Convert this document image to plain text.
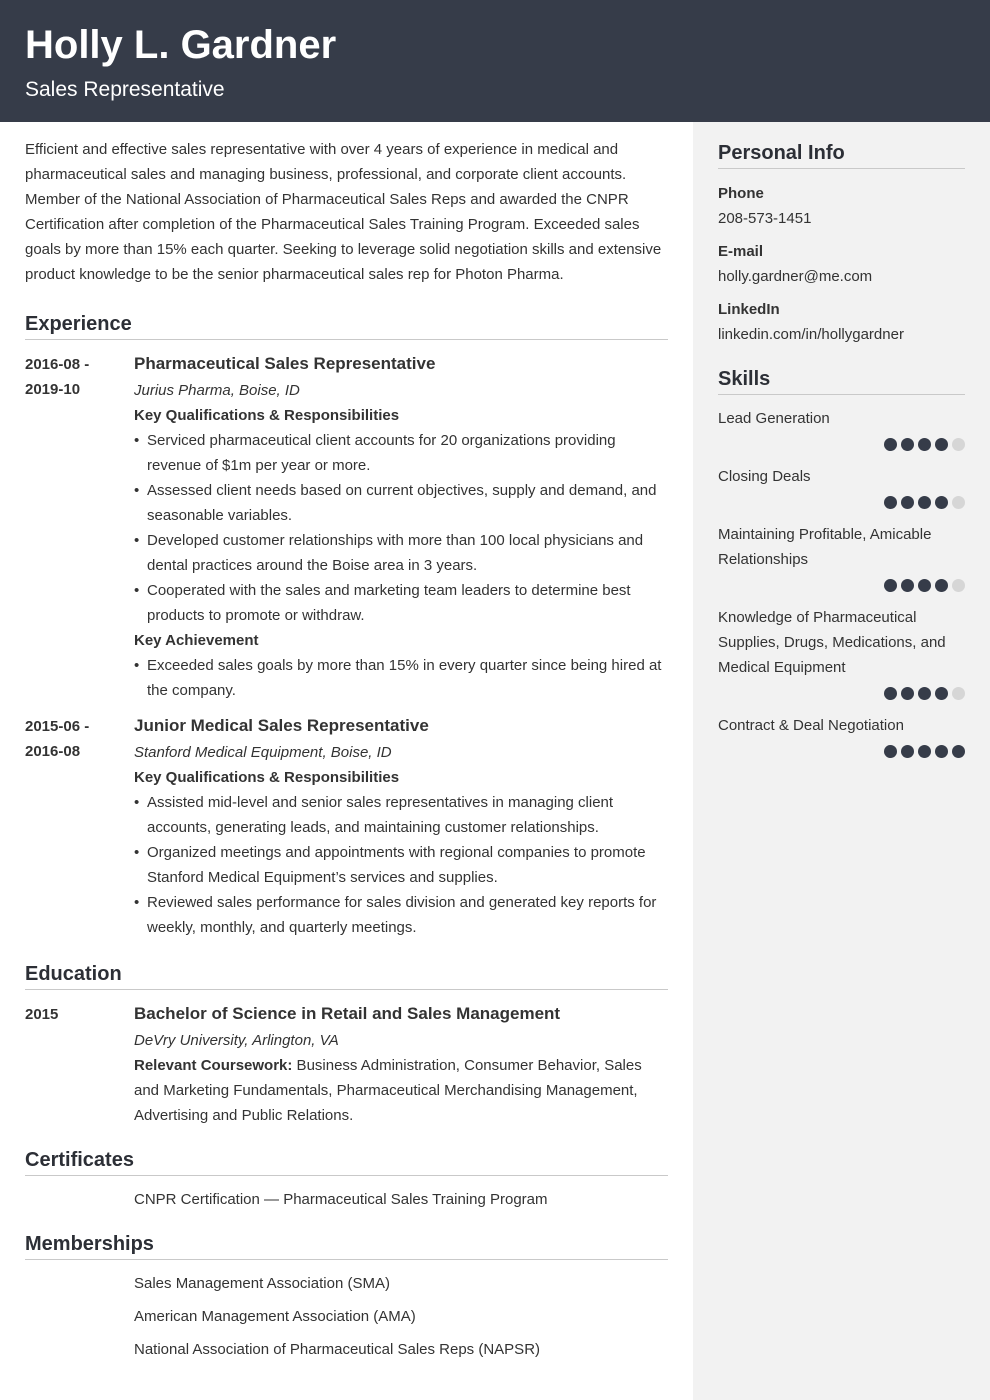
Holly L. Gardner
Sales Representative

Efficient and effective sales representative with over 4 years of experience in medical and pharmaceutical sales and managing business, professional, and corporate client accounts. Member of the National Association of Pharmaceutical Sales Reps and awarded the CNPR Certification after completion of the Pharmaceutical Sales Training Program. Exceeded sales goals by more than 15% each quarter. Seeking to leverage solid negotiation skills and extensive product knowledge to be the senior pharmaceutical sales rep for Photon Pharma.

Experience
2016-08 -
2019-10
Pharmaceutical Sales Representative
Jurius Pharma, Boise, ID
Key Qualifications & Responsibilities
• Serviced pharmaceutical client accounts for 20 organizations providing revenue of $1m per year or more.
• Assessed client needs based on current objectives, supply and demand, and seasonable variables.
• Developed customer relationships with more than 100 local physicians and dental practices around the Boise area in 3 years.
• Cooperated with the sales and marketing team leaders to determine best products to promote or withdraw.
Key Achievement
• Exceeded sales goals by more than 15% in every quarter since being hired at the company.
2015-06 -
2016-08
Junior Medical Sales Representative
Stanford Medical Equipment, Boise, ID
Key Qualifications & Responsibilities
• Assisted mid-level and senior sales representatives in managing client accounts, generating leads, and maintaining customer relationships.
• Organized meetings and appointments with regional companies to promote Stanford Medical Equipment’s services and supplies.
• Reviewed sales performance for sales division and generated key reports for weekly, monthly, and quarterly meetings.
Education
2015	Bachelor of Science in Retail and Sales Management
DeVry University, Arlington, VA
Relevant Coursework: Business Administration, Consumer Behavior, Sales and Marketing Fundamentals, Pharmaceutical Merchandising Management, Advertising and Public Relations.
Certificates
CNPR Certification — Pharmaceutical Sales Training Program
Memberships
Sales Management Association (SMA)
American Management Association (AMA)
National Association of Pharmaceutical Sales Reps (NAPSR)
Personal Info
Phone
208-573-1451
E-mail
holly.gardner@me.com
LinkedIn
linkedin.com/in/hollygardner
Skills
Lead Generation
Closing Deals
Maintaining Profitable, Amicable Relationships
Knowledge of Pharmaceutical Supplies, Drugs, Medications, and Medical Equipment
Contract & Deal Negotiation
